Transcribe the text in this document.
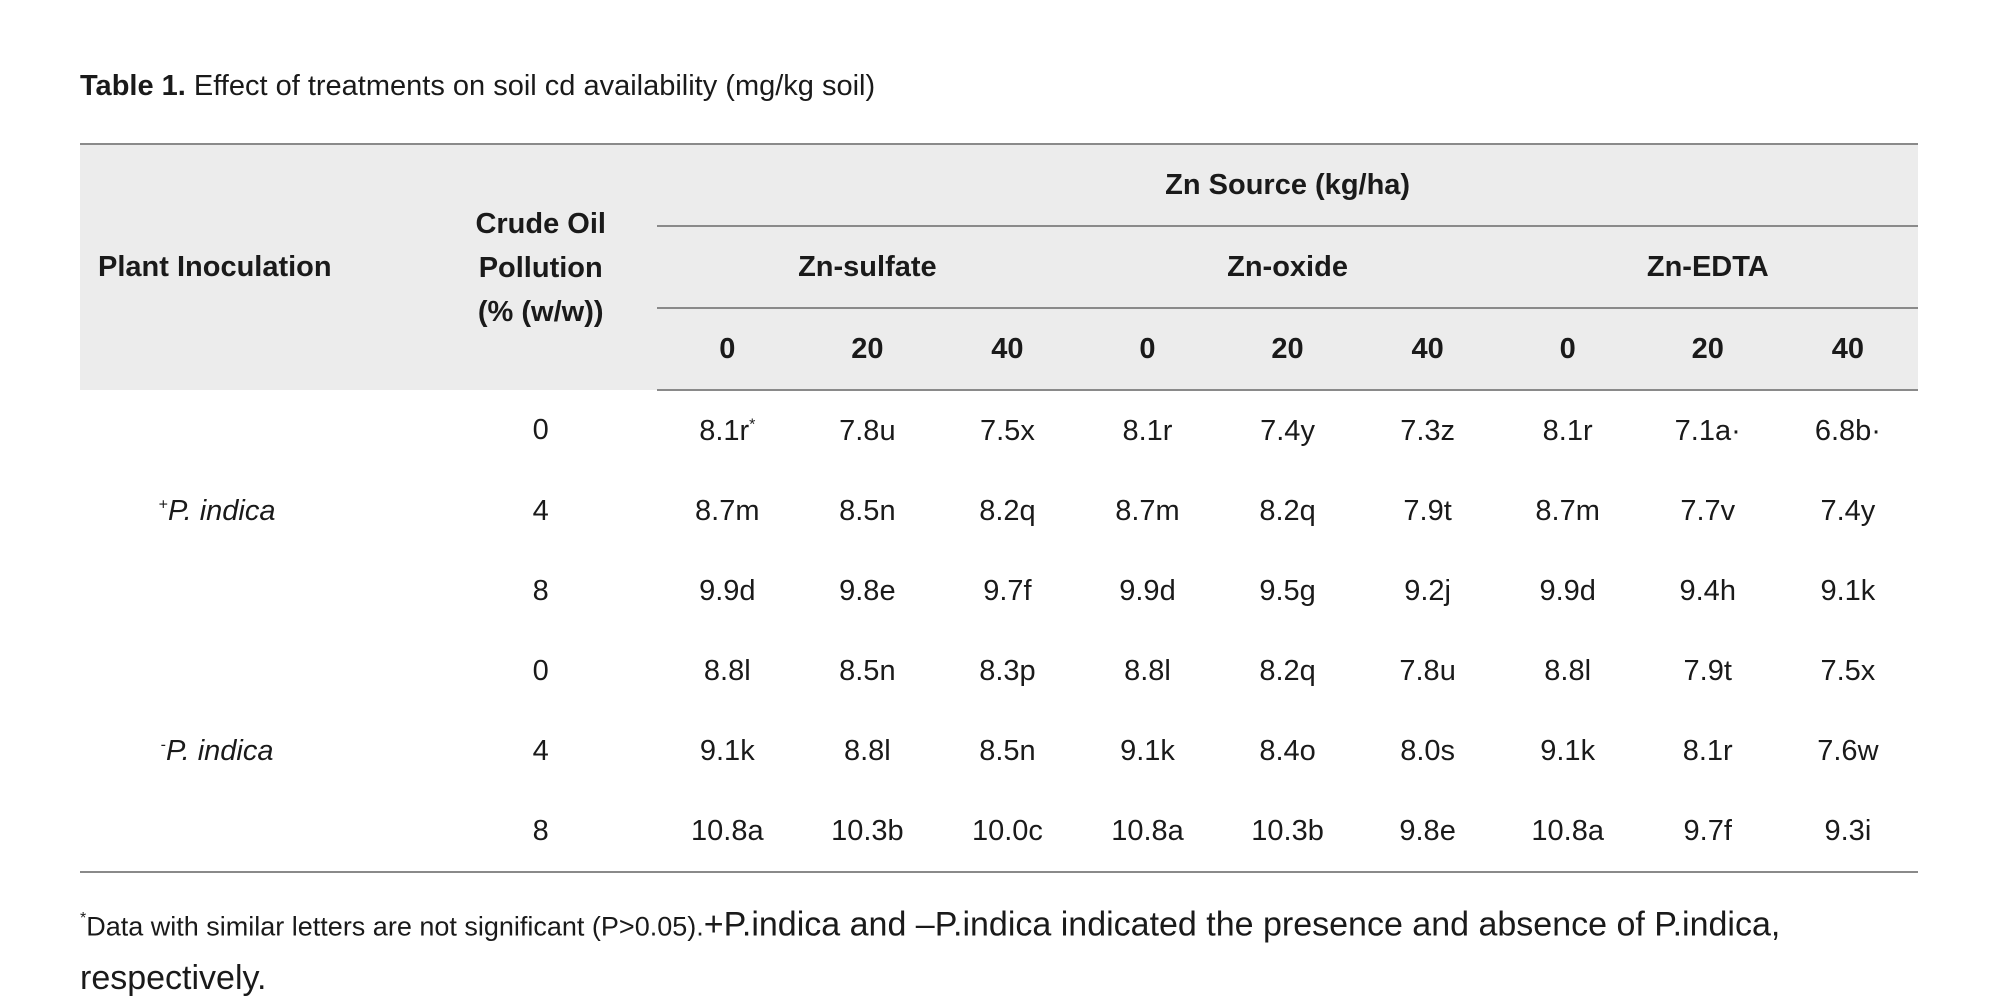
Table 1. Effect of treatments on soil cd availability (mg/kg soil)
Plant Inoculation	Crude Oil
Pollution
(% (w/w))	Zn Source (kg/ha)								
		Zn-sulfate			Zn-oxide			Zn-EDTA		
		0	20	40	0	20	40	0	20	40
	0	8.1r*	7.8u	7.5x	8.1r	7.4y	7.3z	8.1r	7.1a·	6.8b·
+P. indica	4	8.7m	8.5n	8.2q	8.7m	8.2q	7.9t	8.7m	7.7v	7.4y
	8	9.9d	9.8e	9.7f	9.9d	9.5g	9.2j	9.9d	9.4h	9.1k
	0	8.8l	8.5n	8.3p	8.8l	8.2q	7.8u	8.8l	7.9t	7.5x
-P. indica	4	9.1k	8.8l	8.5n	9.1k	8.4o	8.0s	9.1k	8.1r	7.6w
	8	10.8a	10.3b	10.0c	10.8a	10.3b	9.8e	10.8a	9.7f	9.3i
*Data with similar letters are not significant (P>0.05).+P.indica and –P.indica indicated the presence and absence of P.indica, respectively.
